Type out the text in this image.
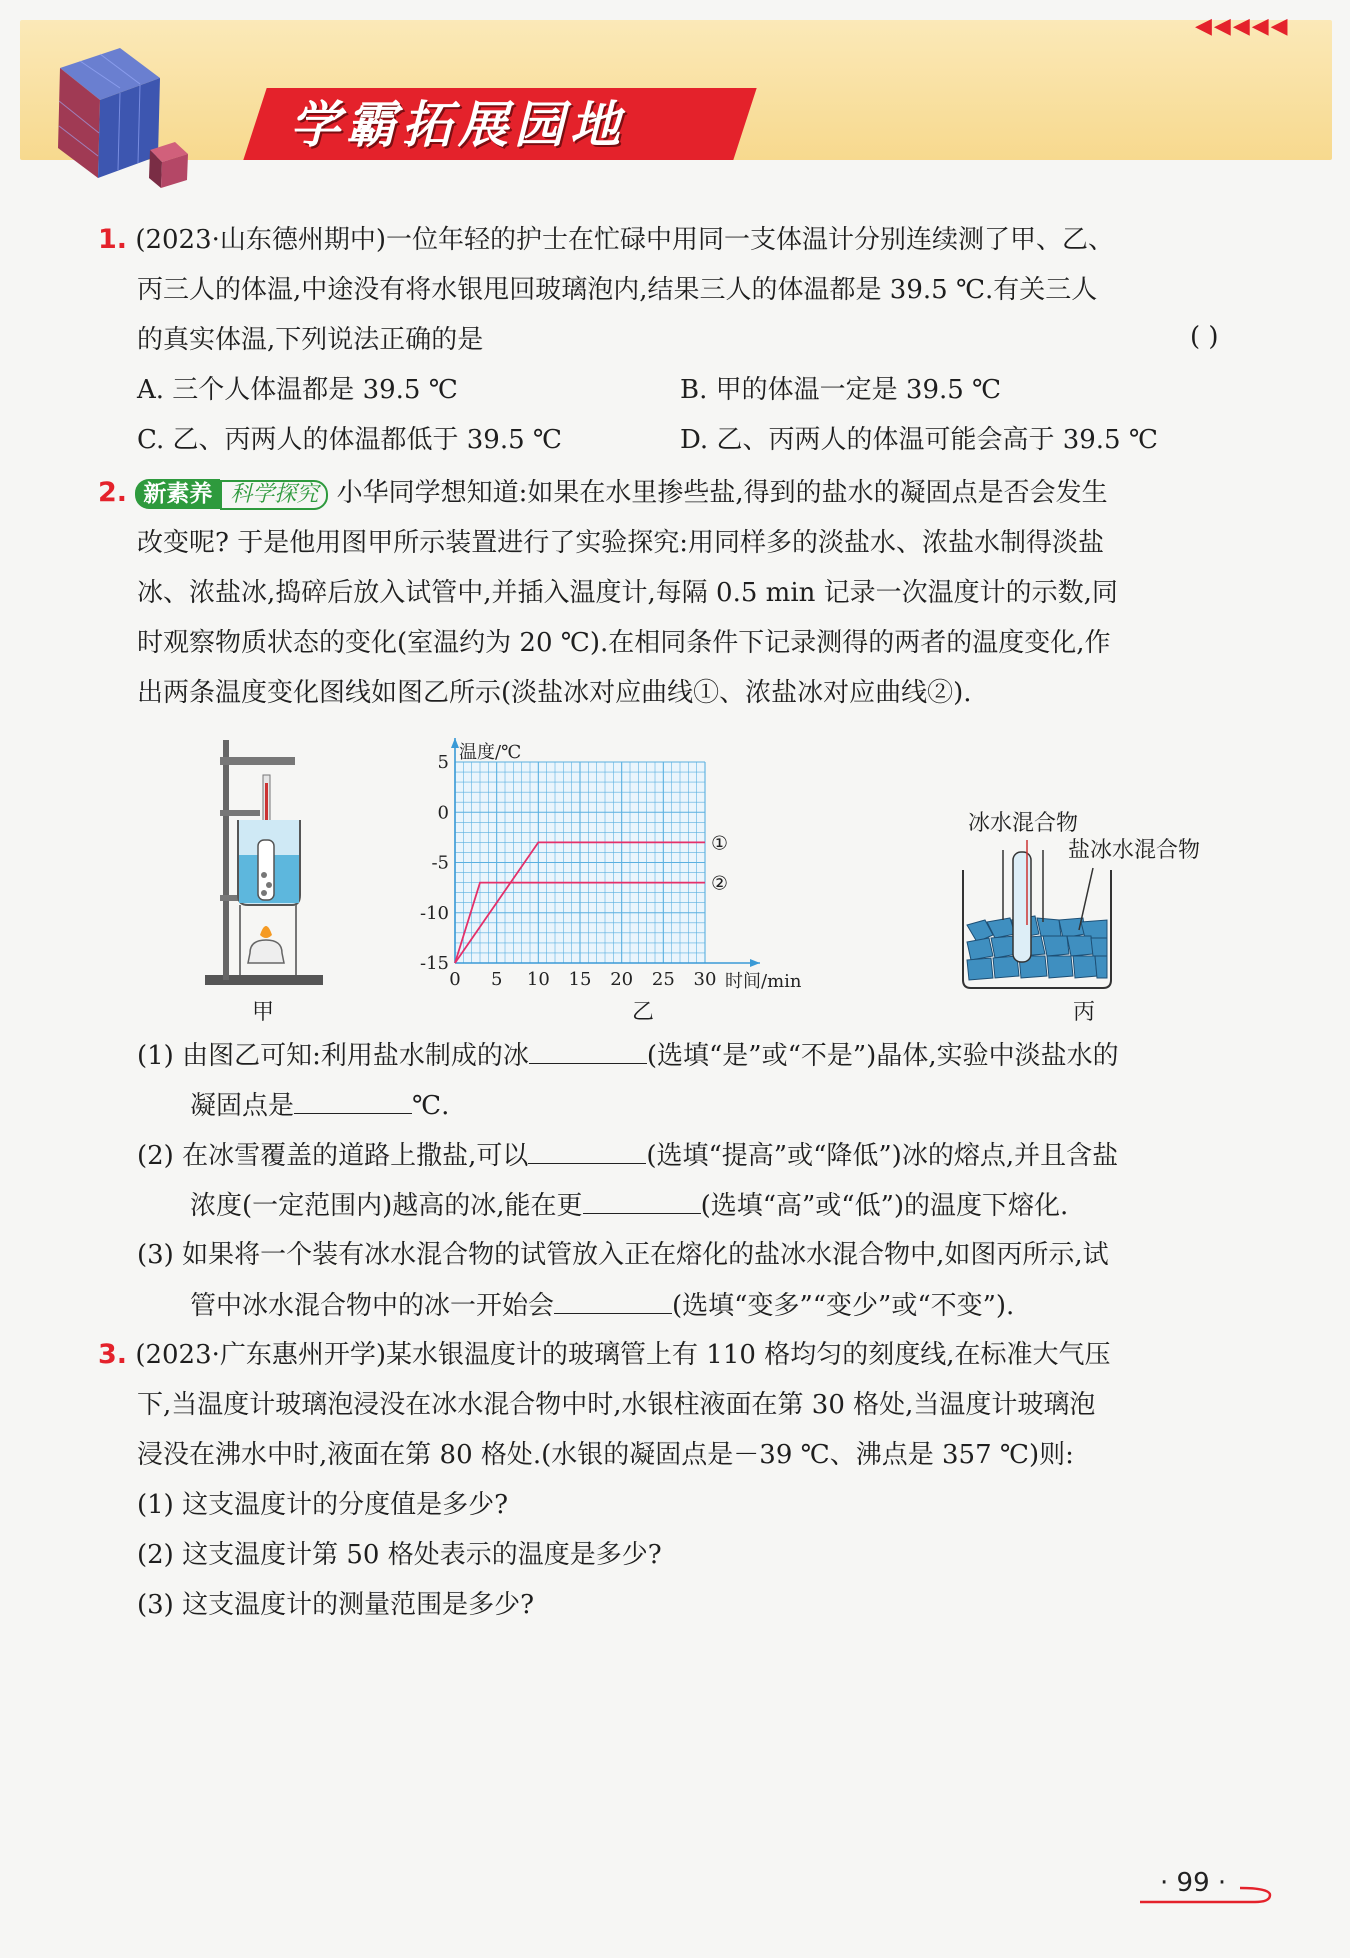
学霸拓展园地
◀◀◀◀◀
1. (2023·山东德州期中)一位年轻的护士在忙碌中用同一支体温计分别连续测了甲、乙、
丙三人的体温,中途没有将水银甩回玻璃泡内,结果三人的体温都是 39.5 ℃.有关三人
的真实体温,下列说法正确的是	( )
A. 三个人体温都是 39.5 ℃	B. 甲的体温一定是 39.5 ℃
C. 乙、丙两人的体温都低于 39.5 ℃	D. 乙、丙两人的体温可能会高于 39.5 ℃
2. 新素养 科学探究 小华同学想知道:如果在水里掺些盐,得到的盐水的凝固点是否会发生
改变呢? 于是他用图甲所示装置进行了实验探究:用同样多的淡盐水、浓盐水制得淡盐
冰、浓盐冰,捣碎后放入试管中,并插入温度计,每隔 0.5 min 记录一次温度计的示数,同
时观察物质状态的变化(室温约为 20 ℃).在相同条件下记录测得的两者的温度变化,作
出两条温度变化图线如图乙所示(淡盐冰对应曲线①、浓盐冰对应曲线②).
甲
0 5 10 15 20 25 30
5
0
-5
-10
-15
温度/℃
时间/min
①
②
乙
冰水混合物
盐冰水混合物
丙
(1) 由图乙可知:利用盐水制成的冰	(选填“是”或“不是”)晶体,实验中淡盐水的
凝固点是	℃.
(2) 在冰雪覆盖的道路上撒盐,可以	(选填“提高”或“降低”)冰的熔点,并且含盐
浓度(一定范围内)越高的冰,能在更	(选填“高”或“低”)的温度下熔化.
(3) 如果将一个装有冰水混合物的试管放入正在熔化的盐冰水混合物中,如图丙所示,试
管中冰水混合物中的冰一开始会	(选填“变多”“变少”或“不变”).
3. (2023·广东惠州开学)某水银温度计的玻璃管上有 110 格均匀的刻度线,在标准大气压
下,当温度计玻璃泡浸没在冰水混合物中时,水银柱液面在第 30 格处,当温度计玻璃泡
浸没在沸水中时,液面在第 80 格处.(水银的凝固点是－39 ℃、沸点是 357 ℃)则:
(1) 这支温度计的分度值是多少?
(2) 这支温度计第 50 格处表示的温度是多少?
(3) 这支温度计的测量范围是多少?
· 99 ·
